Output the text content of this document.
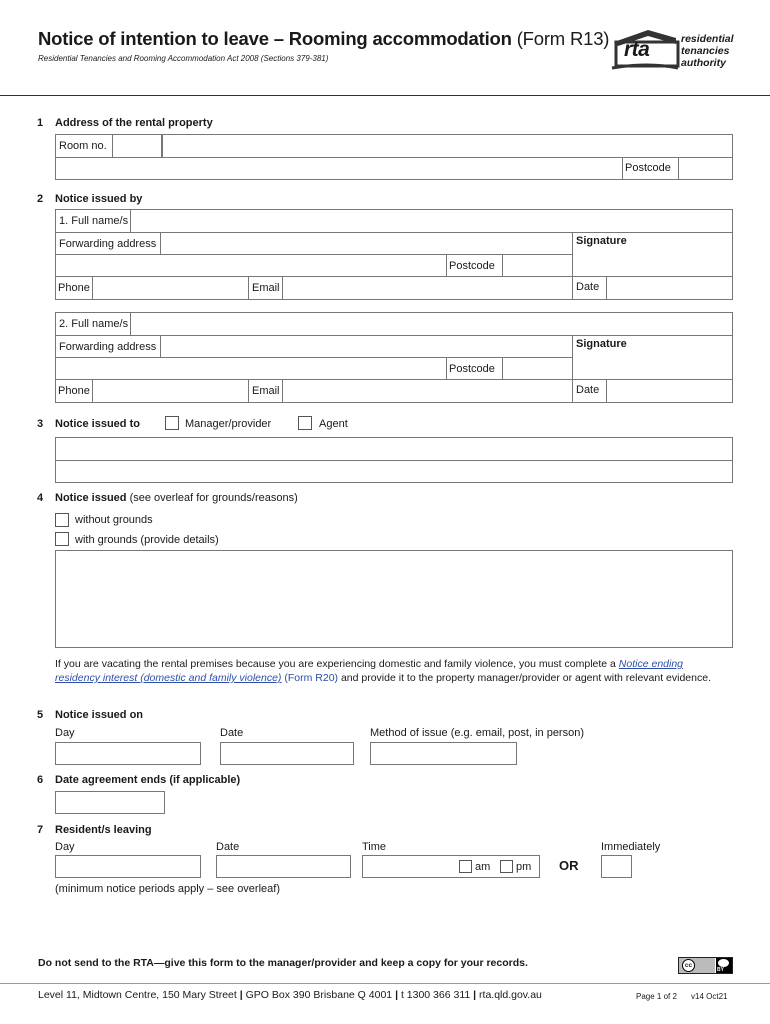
Notice of intention to leave – Rooming accommodation (Form R13)
Residential Tenancies and Rooming Accommodation Act 2008 (Sections 379-381)	rta	residential
tenancies
authority
1 Address of the rental property
Room no.
Postcode
2 Notice issued by
1. Full name/s
Forwarding address	Signature
Postcode
Phone	Email	Date
2. Full name/s
Forwarding address	Signature
Postcode
Phone	Email	Date
3 Notice issued to	Manager/provider	Agent
4 Notice issued (see overleaf for grounds/reasons)
without grounds
with grounds (provide details)
If you are vacating the rental premises because you are experiencing domestic and family violence, you must complete a Notice ending residency interest (domestic and family violence) (Form R20) and provide it to the property manager/provider or agent with relevant evidence.
5 Notice issued on
Day	Date	Method of issue (e.g. email, post, in person)
6 Date agreement ends (if applicable)
7 Resident/s leaving
Day	Date	Time	Immediately
am pm OR
(minimum notice periods apply – see overleaf)
Do not send to the RTA—give this form to the manager/provider and keep a copy for your records.	cc
BY
Level 11, Midtown Centre, 150 Mary Street | GPO Box 390 Brisbane Q 4001 | t 1300 366 311 | rta.qld.gov.au	Page 1 of 2 v14 Oct21
